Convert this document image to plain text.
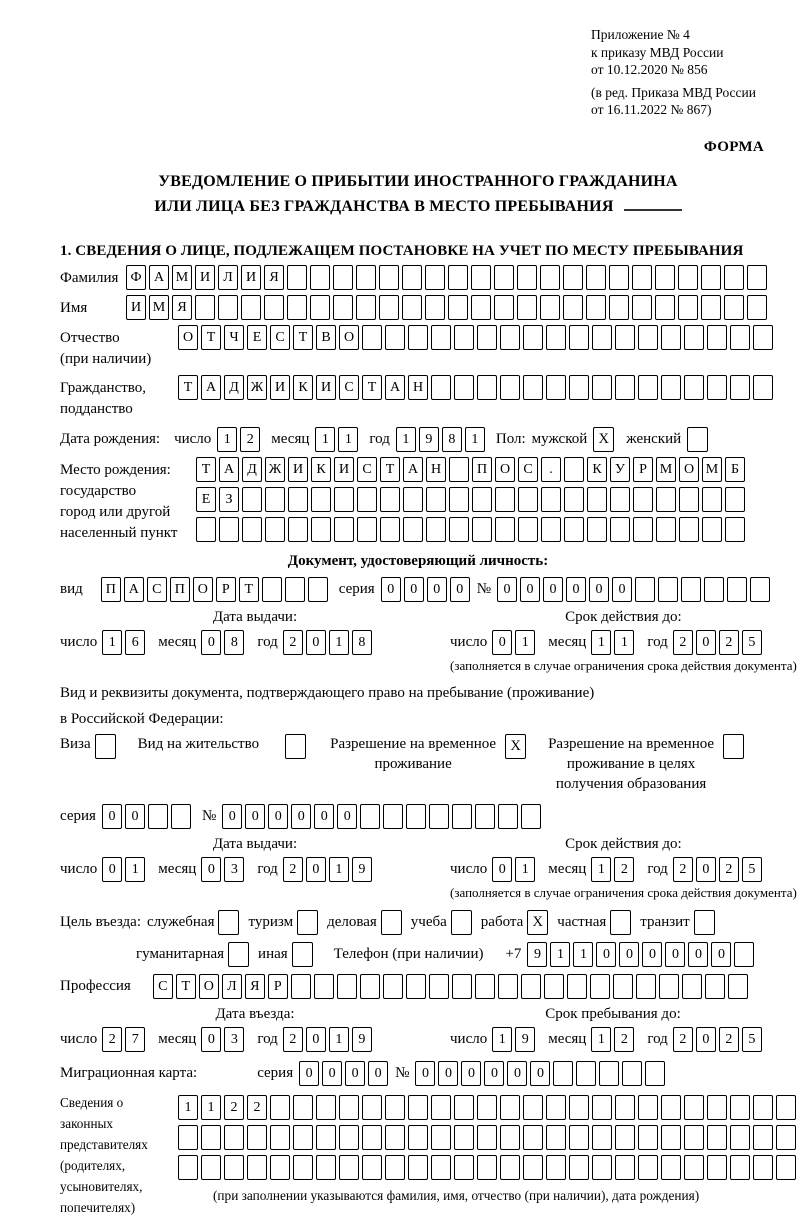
Приложение № 4
к приказу МВД России
от 10.12.2020 № 856
(в ред. Приказа МВД России
от 16.11.2022 № 867)
ФОРМА
УВЕДОМЛЕНИЕ О ПРИБЫТИИ ИНОСТРАННОГО ГРАЖДАНИНА
ИЛИ ЛИЦА БЕЗ ГРАЖДАНСТВА В МЕСТО ПРЕБЫВАНИЯ
1. СВЕДЕНИЯ О ЛИЦЕ, ПОДЛЕЖАЩЕМ ПОСТАНОВКЕ НА УЧЕТ ПО МЕСТУ ПРЕБЫВАНИЯ
Фамилия Ф А М И Л И Я
Имя	И М Я
Отчество
(при наличии)
О Т	Ч	Е	С	Т	В О
Гражданство,
подданство
Т А Д Ж И К И С	Т А Н
Дата рождения: число 1	2	месяц 1	1	год 1	9	8	1	Пол: мужской X	женский
Место рождения:
государство
город или другой
населенный пункт
Т А Д Ж И К И С	Т А Н	П О С	.	К У	Р М О М Б
Е	З
Документ, удостоверяющий личность:
вид	П А С П О	Р	Т	серия 0	0	0	0 № 0	0	0	0	0	0
Дата выдачи:
число 1	6	месяц 0	8	год 2	0	1	8
Срок действия до:
число 0	1	месяц 1	1	год 2	0	2	5
(заполняется в случае ограничения срока действия документа)
Вид и реквизиты документа, подтверждающего право на пребывание (проживание)
в Российской Федерации:
Виза	Вид на жительство	Разрешение на временное
проживание
X	Разрешение на временное
проживание в целях
получения образования
серия 0	0	№ 0	0	0	0	0	0
Дата выдачи:
число 0	1	месяц 0	3	год 2	0	1	9
Срок действия до:
число 0	1	месяц 1	2	год 2	0	2	5
(заполняется в случае ограничения срока действия документа)
Цель въезда: служебная туризм деловая учеба работа X частная транзит
гуманитарная иная	Телефон (при наличии) +7 9	1	1	0	0	0	0	0	0
Профессия	С	Т О Л Я	Р
Дата въезда:
число 2	7	месяц 0	3	год 2	0	1	9
Срок пребывания до:
число 1	9	месяц 1	2	год 2	0	2	5
Миграционная карта:	серия 0	0	0	0 № 0	0	0	0	0	0
Сведения о
законных
представителях
(родителях,
усыновителях,
попечителях)
1	1	2	2
(при заполнении указываются фамилия, имя, отчество (при наличии), дата рождения)
